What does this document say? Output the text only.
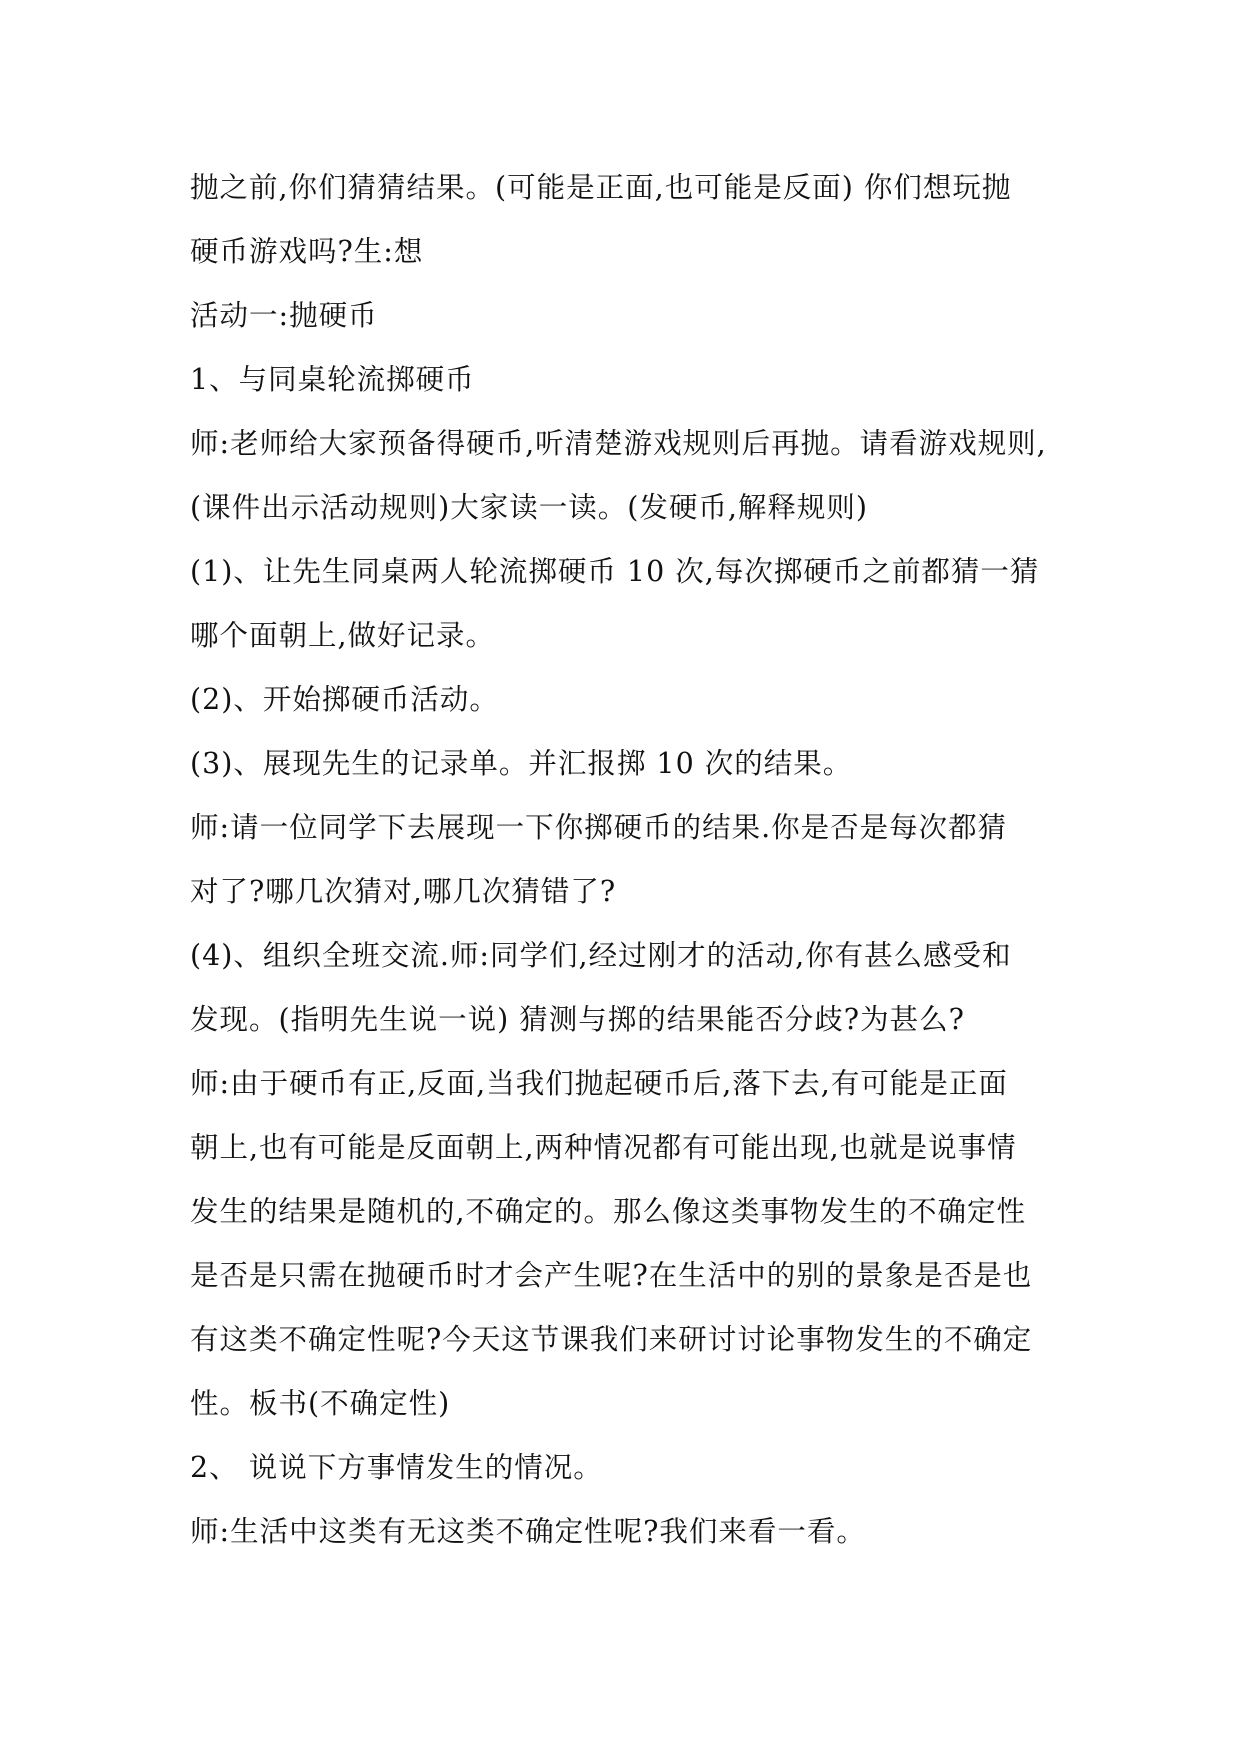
抛之前,你们猜猜结果。(可能是正面,也可能是反面) 你们想玩抛
硬币游戏吗?生:想
活动一:抛硬币
1、与同桌轮流掷硬币
师:老师给大家预备得硬币,听清楚游戏规则后再抛。请看游戏规则,
(课件出示活动规则)大家读一读。(发硬币,解释规则)
(1)、让先生同桌两人轮流掷硬币 10 次,每次掷硬币之前都猜一猜
哪个面朝上,做好记录。
(2)、开始掷硬币活动。
(3)、展现先生的记录单。并汇报掷 10 次的结果。
师:请一位同学下去展现一下你掷硬币的结果.你是否是每次都猜
对了?哪几次猜对,哪几次猜错了?
(4)、组织全班交流.师:同学们,经过刚才的活动,你有甚么感受和
发现。(指明先生说一说) 猜测与掷的结果能否分歧?为甚么?
师:由于硬币有正,反面,当我们抛起硬币后,落下去,有可能是正面
朝上,也有可能是反面朝上,两种情况都有可能出现,也就是说事情
发生的结果是随机的,不确定的。那么像这类事物发生的不确定性
是否是只需在抛硬币时才会产生呢?在生活中的别的景象是否是也
有这类不确定性呢?今天这节课我们来研讨讨论事物发生的不确定
性。板书(不确定性)
2、 说说下方事情发生的情况。
师:生活中这类有无这类不确定性呢?我们来看一看。
